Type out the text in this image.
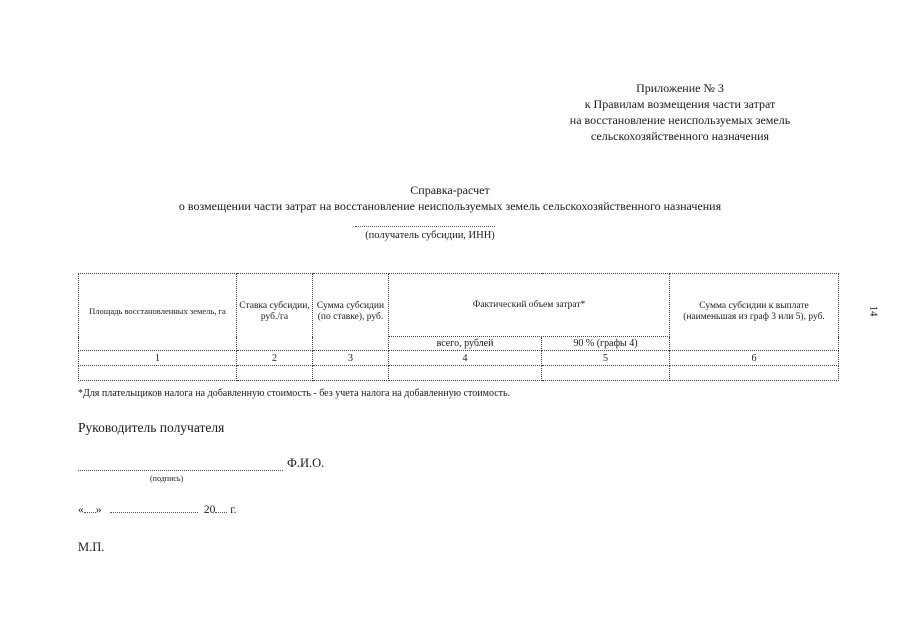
Приложение № 3
к Правилам возмещения части затрат
на восстановление неиспользуемых земель
сельскохозяйственного назначения
Справка-расчет
о возмещении части затрат на восстановление неиспользуемых земель сельскохозяйственного назначения
(получатель субсидии, ИНН)
Площадь восстановленных земель, га	Ставка субсидии, руб./га	Сумма субсидии (по ставке), руб.	Фактический объем затрат*		Сумма субсидии к выплате (наименьшая из граф 3 или 5), руб.
			всего, рублей	90 % (графы 4)	
1	2	3	4	5	6

*Для плательщиков налога на добавленную стоимость - без учета налога на добавленную стоимость.
Руководитель получателя
Ф.И.О.
(подпись)
« »	20 г.
М.П.
14
